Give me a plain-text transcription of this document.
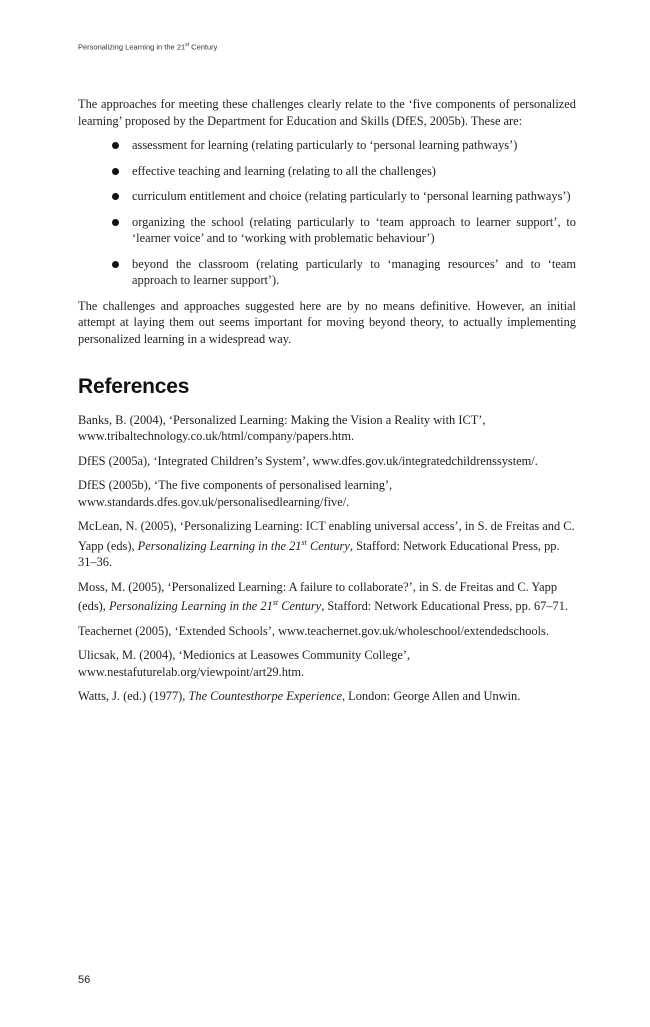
Personalizing Learning in the 21st Century

The approaches for meeting these challenges clearly relate to the ‘five components of personalized learning’ proposed by the Department for Education and Skills (DfES, 2005b). These are:

assessment for learning (relating particularly to ‘personal learning pathways’)
effective teaching and learning (relating to all the challenges)
curriculum entitlement and choice (relating particularly to ‘personal learning pathways’)
organizing the school (relating particularly to ‘team approach to learner support’, to ‘learner voice’ and to ‘working with problematic behaviour’)
beyond the classroom (relating particularly to ‘managing resources’ and to ‘team approach to learner support’).

The challenges and approaches suggested here are by no means definitive. However, an initial attempt at laying them out seems important for moving beyond theory, to actually implementing personalized learning in a widespread way.

References

Banks, B. (2004), ‘Personalized Learning: Making the Vision a Reality with ICT’, www.tribaltechnology.co.uk/html/company/papers.htm.

DfES (2005a), ‘Integrated Children’s System’, www.dfes.gov.uk/integratedchildrenssystem/.

DfES (2005b), ‘The five components of personalised learning’, www.standards.dfes.gov.uk/personalisedlearning/five/.

McLean, N. (2005), ‘Personalizing Learning: ICT enabling universal access’, in S. de Freitas and C. Yapp (eds), Personalizing Learning in the 21st Century, Stafford: Network Educational Press, pp. 31–36.

Moss, M. (2005), ‘Personalized Learning: A failure to collaborate?’, in S. de Freitas and C. Yapp (eds), Personalizing Learning in the 21st Century, Stafford: Network Educational Press, pp. 67–71.

Teachernet (2005), ‘Extended Schools’, www.teachernet.gov.uk/wholeschool/extendedschools.

Ulicsak, M. (2004), ‘Medionics at Leasowes Community College’, www.nestafuturelab.org/viewpoint/art29.htm.

Watts, J. (ed.) (1977), The Countesthorpe Experience, London: George Allen and Unwin.

56
